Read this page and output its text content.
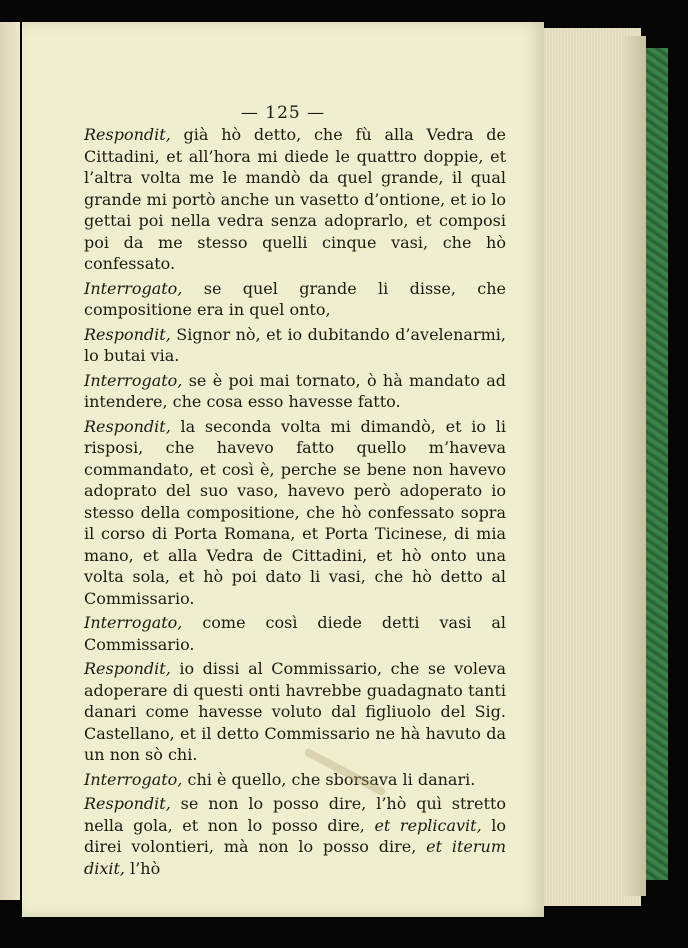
— 125 —

Respondit, già hò detto, che fù alla Vedra de Cittadini, et all’hora mi diede le quattro doppie, et l’altra volta me le mandò da quel grande, il qual grande mi portò anche un vasetto d’ontione, et io lo gettai poi nella vedra senza adoprarlo, et composi poi da me stesso quelli cinque vasi, che hò confessato.

Interrogato, se quel grande li disse, che compositione era in quel onto,

Respondit, Signor nò, et io dubitando d’avelenarmi, lo butai via.

Interrogato, se è poi mai tornato, ò hà mandato ad intendere, che cosa esso havesse fatto.

Respondit, la seconda volta mi dimandò, et io li risposi, che havevo fatto quello m’haveva commandato, et così è, perche se bene non havevo adoprato del suo vaso, havevo però adoperato io stesso della compositione, che hò confessato sopra il corso di Porta Romana, et Porta Ticinese, di mia mano, et alla Vedra de Cittadini, et hò onto una volta sola, et hò poi dato li vasi, che hò detto al Commissario.

Interrogato, come così diede detti vasi al Commissario.

Respondit, io dissi al Commissario, che se voleva adoperare di questi onti havrebbe guadagnato tanti danari come havesse voluto dal figliuolo del Sig. Castellano, et il detto Commissario ne hà havuto da un non sò chi.

Interrogato, chi è quello, che sborsava li danari.

Respondit, se non lo posso dire, l’hò quì stretto nella gola, et non lo posso dire, et replicavit, lo direi volontieri, mà non lo posso dire, et iterum dixit, l’hò
